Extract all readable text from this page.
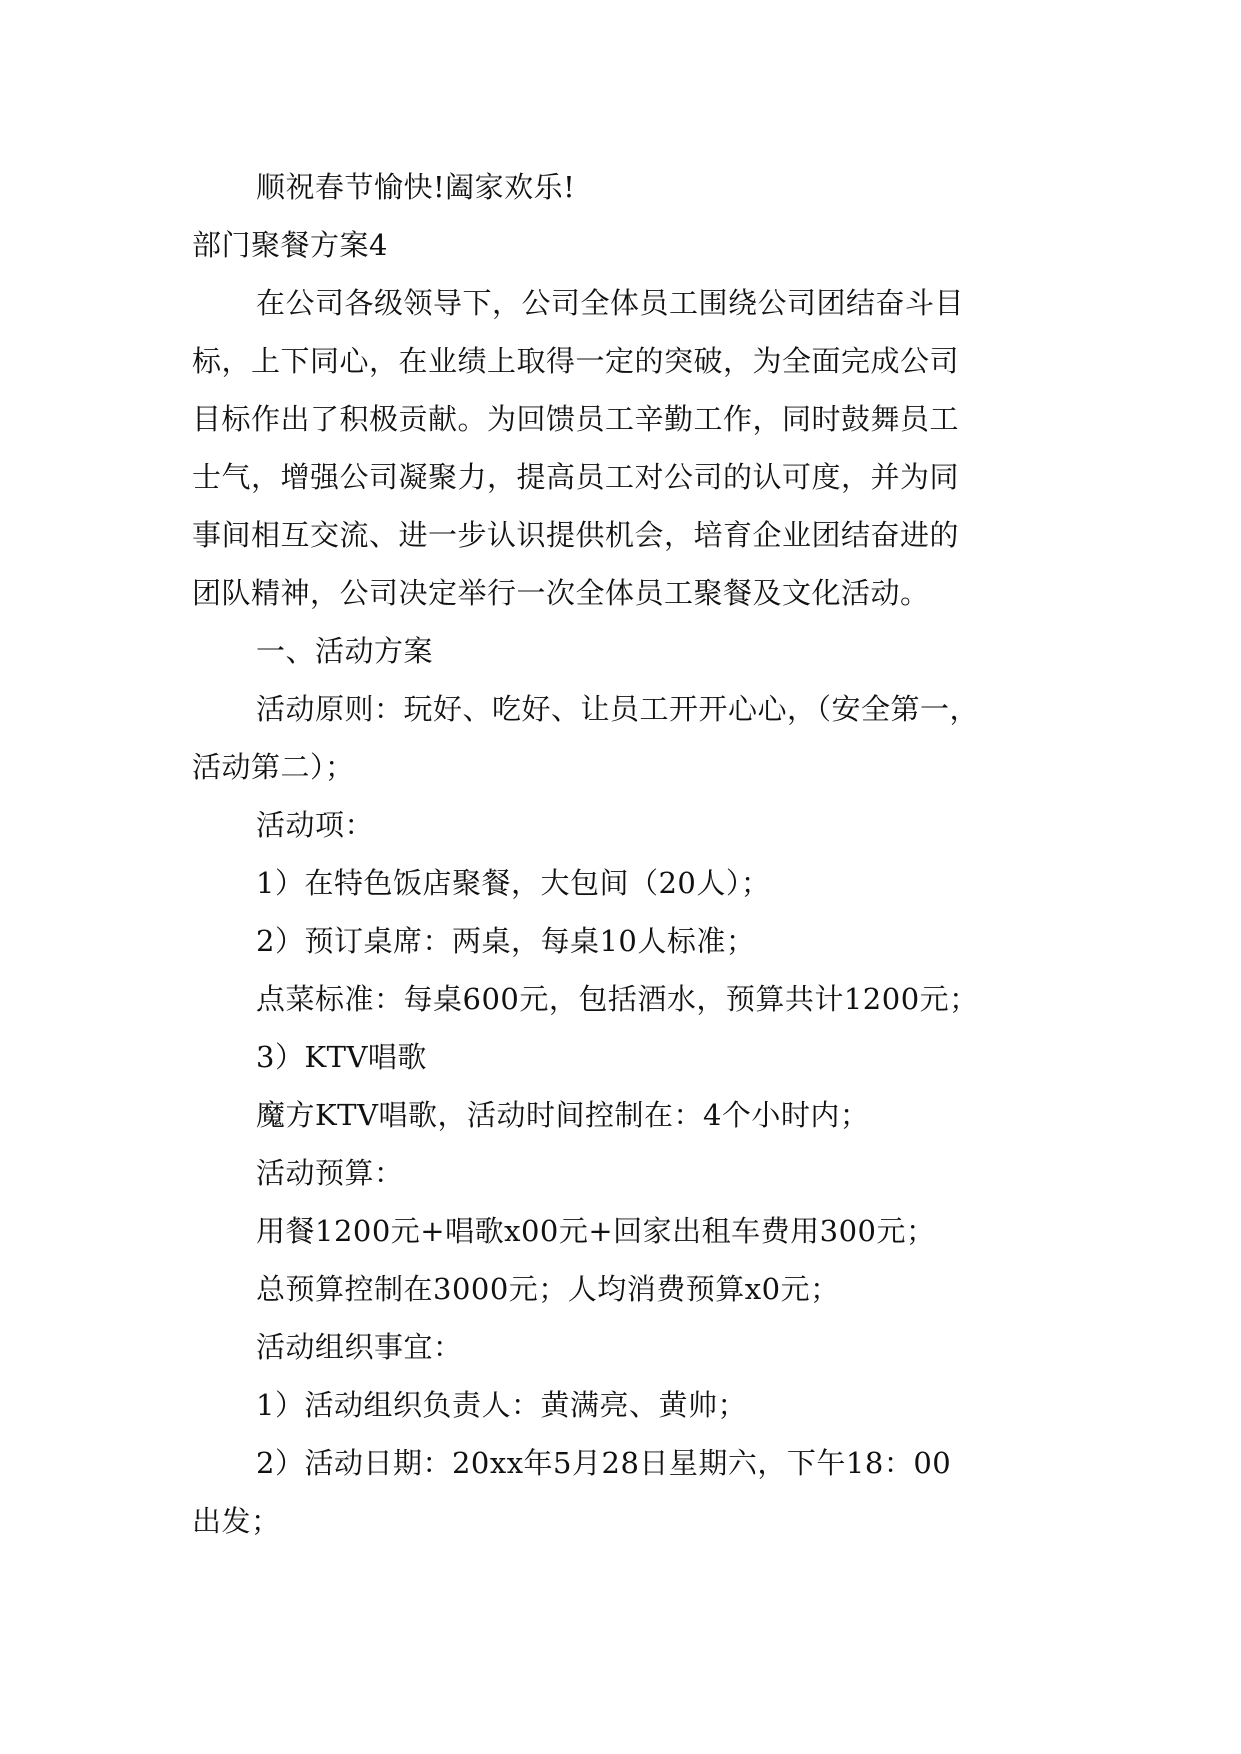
顺祝春节愉快!阖家欢乐!
部门聚餐方案4
在公司各级领导下，公司全体员工围绕公司团结奋斗目
标，上下同心，在业绩上取得一定的突破，为全面完成公司
目标作出了积极贡献。为回馈员工辛勤工作，同时鼓舞员工
士气，增强公司凝聚力，提高员工对公司的认可度，并为同
事间相互交流、进一步认识提供机会，培育企业团结奋进的
团队精神，公司决定举行一次全体员工聚餐及文化活动。
一、活动方案
活动原则：玩好、吃好、让员工开开心心，（安全第一，
活动第二）；
活动项：
1）在特色饭店聚餐，大包间（20人）；
2）预订桌席：两桌，每桌10人标准；
点菜标准：每桌600元，包括酒水，预算共计1200元；
3）KTV唱歌
魔方KTV唱歌，活动时间控制在：4个小时内；
活动预算：
用餐1200元+唱歌x00元+回家出租车费用300元；
总预算控制在3000元；人均消费预算x0元；
活动组织事宜：
1）活动组织负责人：黄满亮、黄帅；
2）活动日期：20xx年5月28日星期六，下午18：00
出发；
